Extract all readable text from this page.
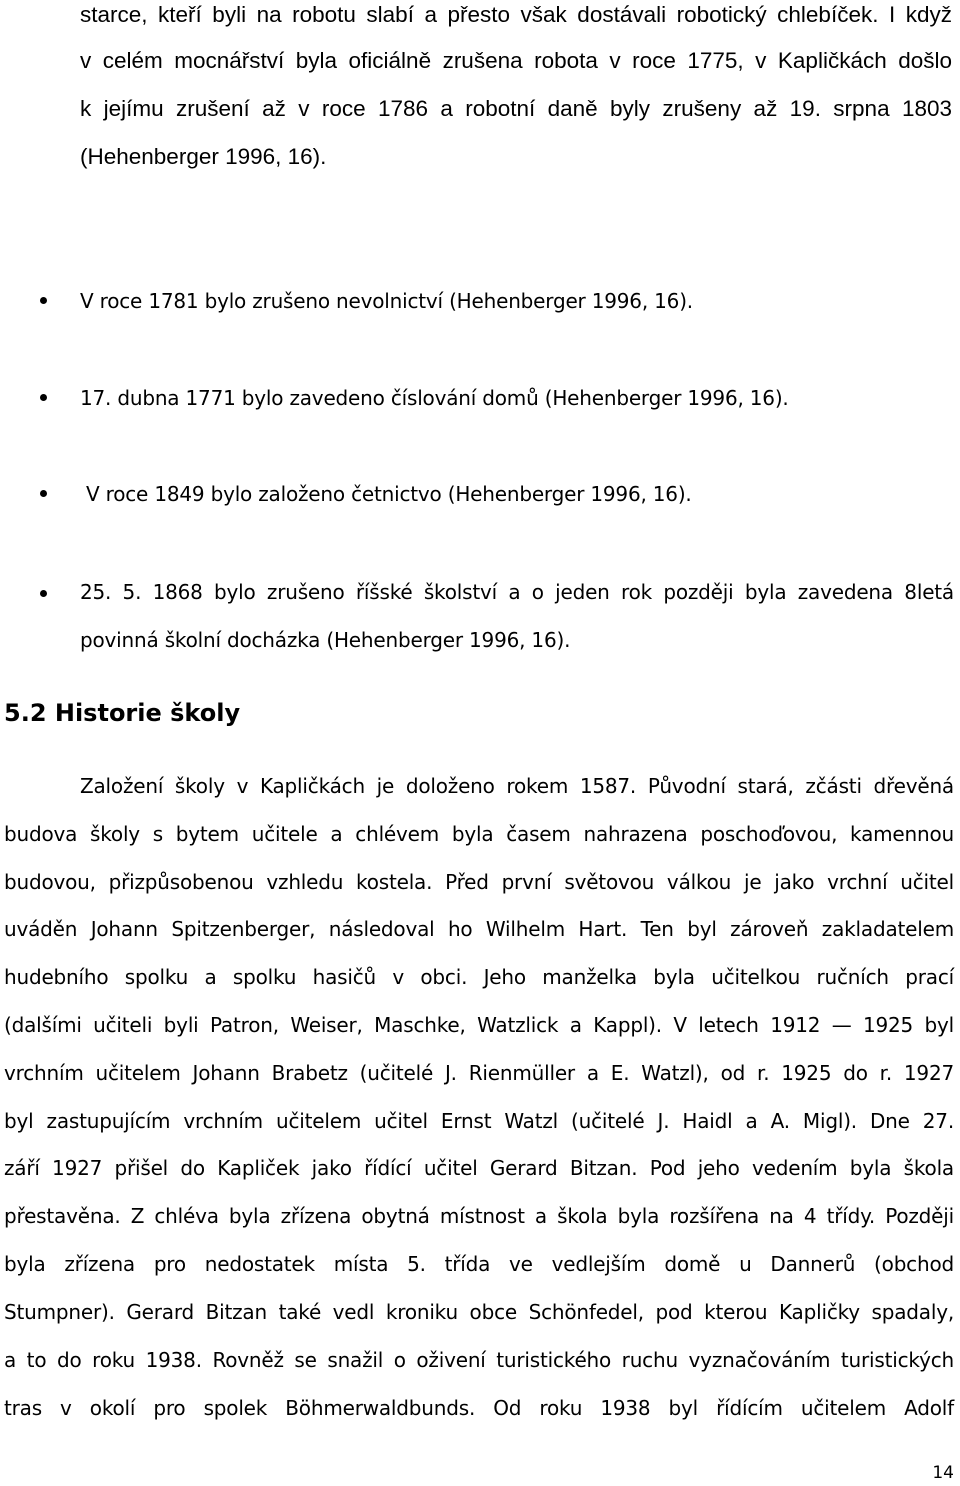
starce, kteří byli na robotu slabí a přesto však dostávali robotický chlebíček. I když
v celém mocnářství byla oficiálně zrušena robota v roce 1775, v Kapličkách došlo
k jejímu zrušení až v roce 1786 a robotní daně byly zrušeny až 19. srpna 1803
(Hehenberger 1996, 16).
V roce 1781 bylo zrušeno nevolnictví (Hehenberger 1996, 16).
17. dubna 1771 bylo zavedeno číslování domů (Hehenberger 1996, 16).
V roce 1849 bylo založeno četnictvo (Hehenberger 1996, 16).
25. 5. 1868 bylo zrušeno říšské školství a o jeden rok později byla zavedena 8letá
povinná školní docházka (Hehenberger 1996, 16).
5.2 Historie školy
Založení školy v Kapličkách je doloženo rokem 1587. Původní stará, zčásti dřevěná
budova školy s bytem učitele a chlévem byla časem nahrazena poschoďovou, kamennou
budovou, přizpůsobenou vzhledu kostela. Před první světovou válkou je jako vrchní učitel
uváděn Johann Spitzenberger, následoval ho Wilhelm Hart. Ten byl zároveň zakladatelem
hudebního spolku a spolku hasičů v obci. Jeho manželka byla učitelkou ručních prací
(dalšími učiteli byli Patron, Weiser, Maschke, Watzlick a Kappl). V letech 1912 — 1925 byl
vrchním učitelem Johann Brabetz (učitelé J. Rienmüller a E. Watzl), od r. 1925 do r. 1927
byl zastupujícím vrchním učitelem učitel Ernst Watzl (učitelé J. Haidl a A. Migl). Dne 27.
září 1927 přišel do Kapliček jako řídící učitel Gerard Bitzan. Pod jeho vedením byla škola
přestavěna. Z chléva byla zřízena obytná místnost a škola byla rozšířena na 4 třídy. Později
byla zřízena pro nedostatek místa 5. třída ve vedlejším domě u Dannerů (obchod
Stumpner). Gerard Bitzan také vedl kroniku obce Schönfedel, pod kterou Kapličky spadaly,
a to do roku 1938. Rovněž se snažil o oživení turistického ruchu vyznačováním turistických
tras v okolí pro spolek Böhmerwaldbunds. Od roku 1938 byl řídícím učitelem Adolf
14
